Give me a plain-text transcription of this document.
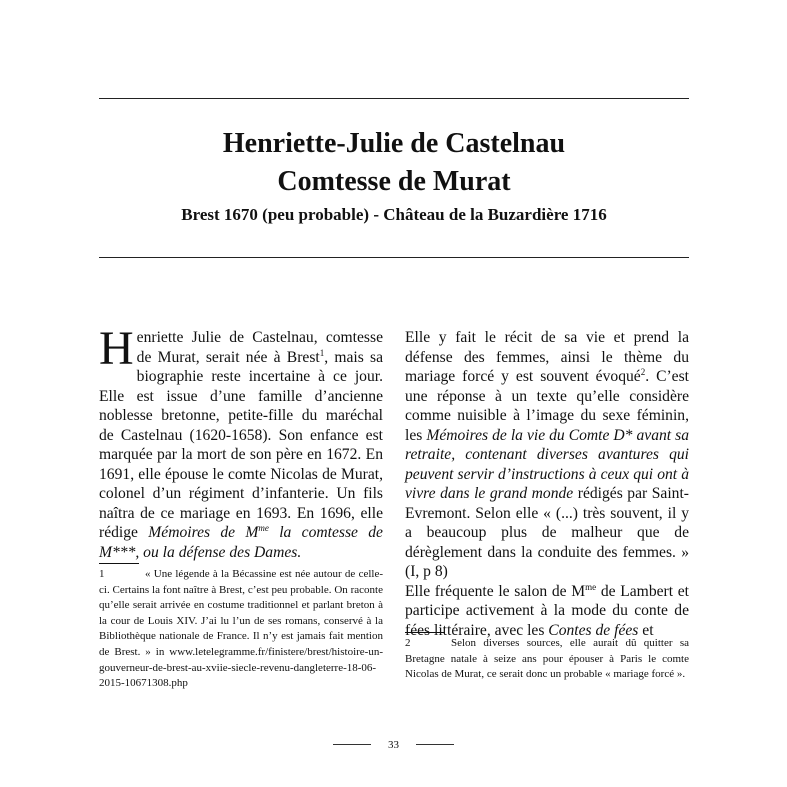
Henriette-Julie de Castelnau
Comtesse de Murat

Brest 1670 (peu probable) - Château de la Buzardière 1716

Henriette Julie de Castelnau, comtesse de Murat, serait née à Brest$^1$, mais sa biographie reste incertaine à ce jour. Elle est issue d’une famille d’ancienne noblesse bretonne, petite-fille du maréchal de Castelnau (1620-1658). Son enfance est marquée par la mort de son père en 1672. En 1691, elle épouse le comte Nicolas de Murat, colonel d’un régiment d’infanterie. Un fils naîtra de ce mariage en 1693. En 1696, elle rédige Mémoires de $M^{me}$ la comtesse de M***, ou la défense des Dames.

Elle y fait le récit de sa vie et prend la défense des femmes, ainsi le thème du mariage forcé y est souvent évoqué$^2$. C’est une réponse à un texte qu’elle considère comme nuisible à l’image du sexe féminin, les Mémoires de la vie du Comte D* avant sa retraite, contenant diverses avantures qui peuvent servir d’instructions à ceux qui ont à vivre dans le grand monde rédigés par Saint-Evremont. Selon elle « (...) très souvent, il y a beaucoup plus de malheur que de dérèglement dans la conduite des femmes. » (I, p 8)

Elle fréquente le salon de $M^{me}$ de Lambert et participe activement à la mode du conte de fées littéraire, avec les Contes de fées et

1	« Une légende à la Bécassine est née autour de celle-ci. Certains la font naître à Brest, c’est peu probable. On raconte qu’elle serait arrivée en costume traditionnel et parlant breton à la cour de Louis XIV. J’ai lu l’un de ses romans, conservé à la Bibliothèque nationale de France. Il n’y est jamais fait mention de Brest. » in www.letelegramme.fr/finistere/brest/histoire-un-gouverneur-de-brest-au-xviie-siecle-revenu-dangleterre-18-06-2015-10671308.php
2	Selon diverses sources, elle aurait dû quitter sa Bretagne natale à seize ans pour épouser à Paris le comte Nicolas de Murat, ce serait donc un probable « mariage forcé ».
33
